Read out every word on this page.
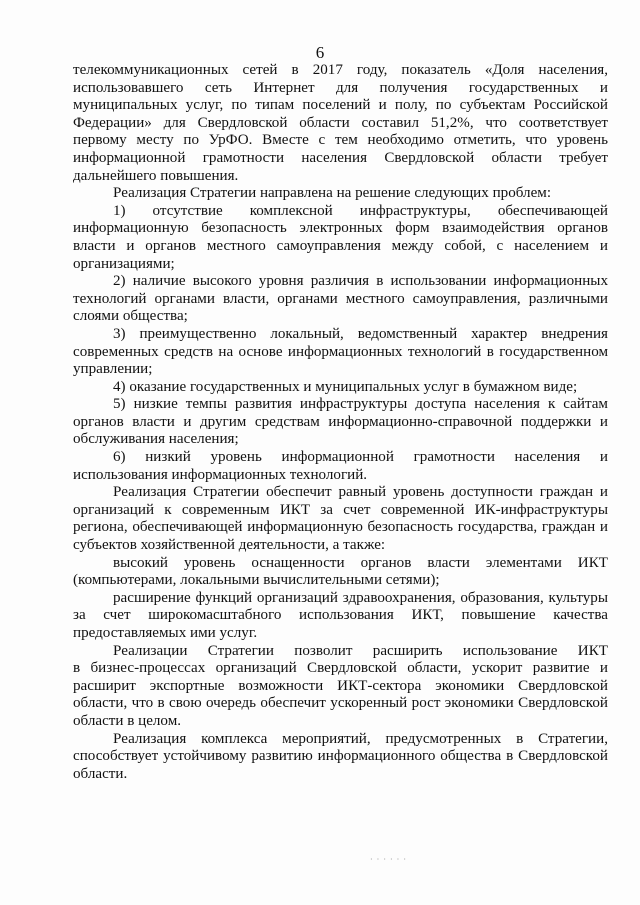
6

телекоммуникационных сетей в 2017 году, показатель «Доля населения,

использовавшего сеть Интернет для получения государственных и

муниципальных услуг, по типам поселений и полу, по субъектам Российской

Федерации» для Свердловской области составил 51,2%, что соответствует

первому месту по УрФО. Вместе с тем необходимо отметить, что уровень

информационной грамотности населения Свердловской области требует

дальнейшего повышения.

Реализация Стратегии направлена на решение следующих проблем:

1) отсутствие комплексной инфраструктуры, обеспечивающей

информационную безопасность электронных форм взаимодействия органов

власти и органов местного самоуправления между собой, с населением и

организациями;

2) наличие высокого уровня различия в использовании информационных

технологий органами власти, органами местного самоуправления, различными

слоями общества;

3) преимущественно локальный, ведомственный характер внедрения

современных средств на основе информационных технологий в государственном

управлении;

4) оказание государственных и муниципальных услуг в бумажном виде;

5) низкие темпы развития инфраструктуры доступа населения к сайтам

органов власти и другим средствам информационно-справочной поддержки и

обслуживания населения;

6) низкий уровень информационной грамотности населения и

использования информационных технологий.

Реализация Стратегии обеспечит равный уровень доступности граждан и

организаций к современным ИКТ за счет современной ИК-инфраструктуры

региона, обеспечивающей информационную безопасность государства, граждан и

субъектов хозяйственной деятельности, а также:

высокий уровень оснащенности органов власти элементами ИКТ

(компьютерами, локальными вычислительными сетями);

расширение функций организаций здравоохранения, образования, культуры

за счет широкомасштабного использования ИКТ, повышение качества

предоставляемых ими услуг.

Реализации Стратегии позволит расширить использование ИКТ

в бизнес-процессах организаций Свердловской области, ускорит развитие и

расширит экспортные возможности ИКТ-сектора экономики Свердловской

области, что в свою очередь обеспечит ускоренный рост экономики Свердловской

области в целом.

Реализация комплекса мероприятий, предусмотренных в Стратегии,

способствует устойчивому развитию информационного общества в Свердловской

области.

· · · · · ·
